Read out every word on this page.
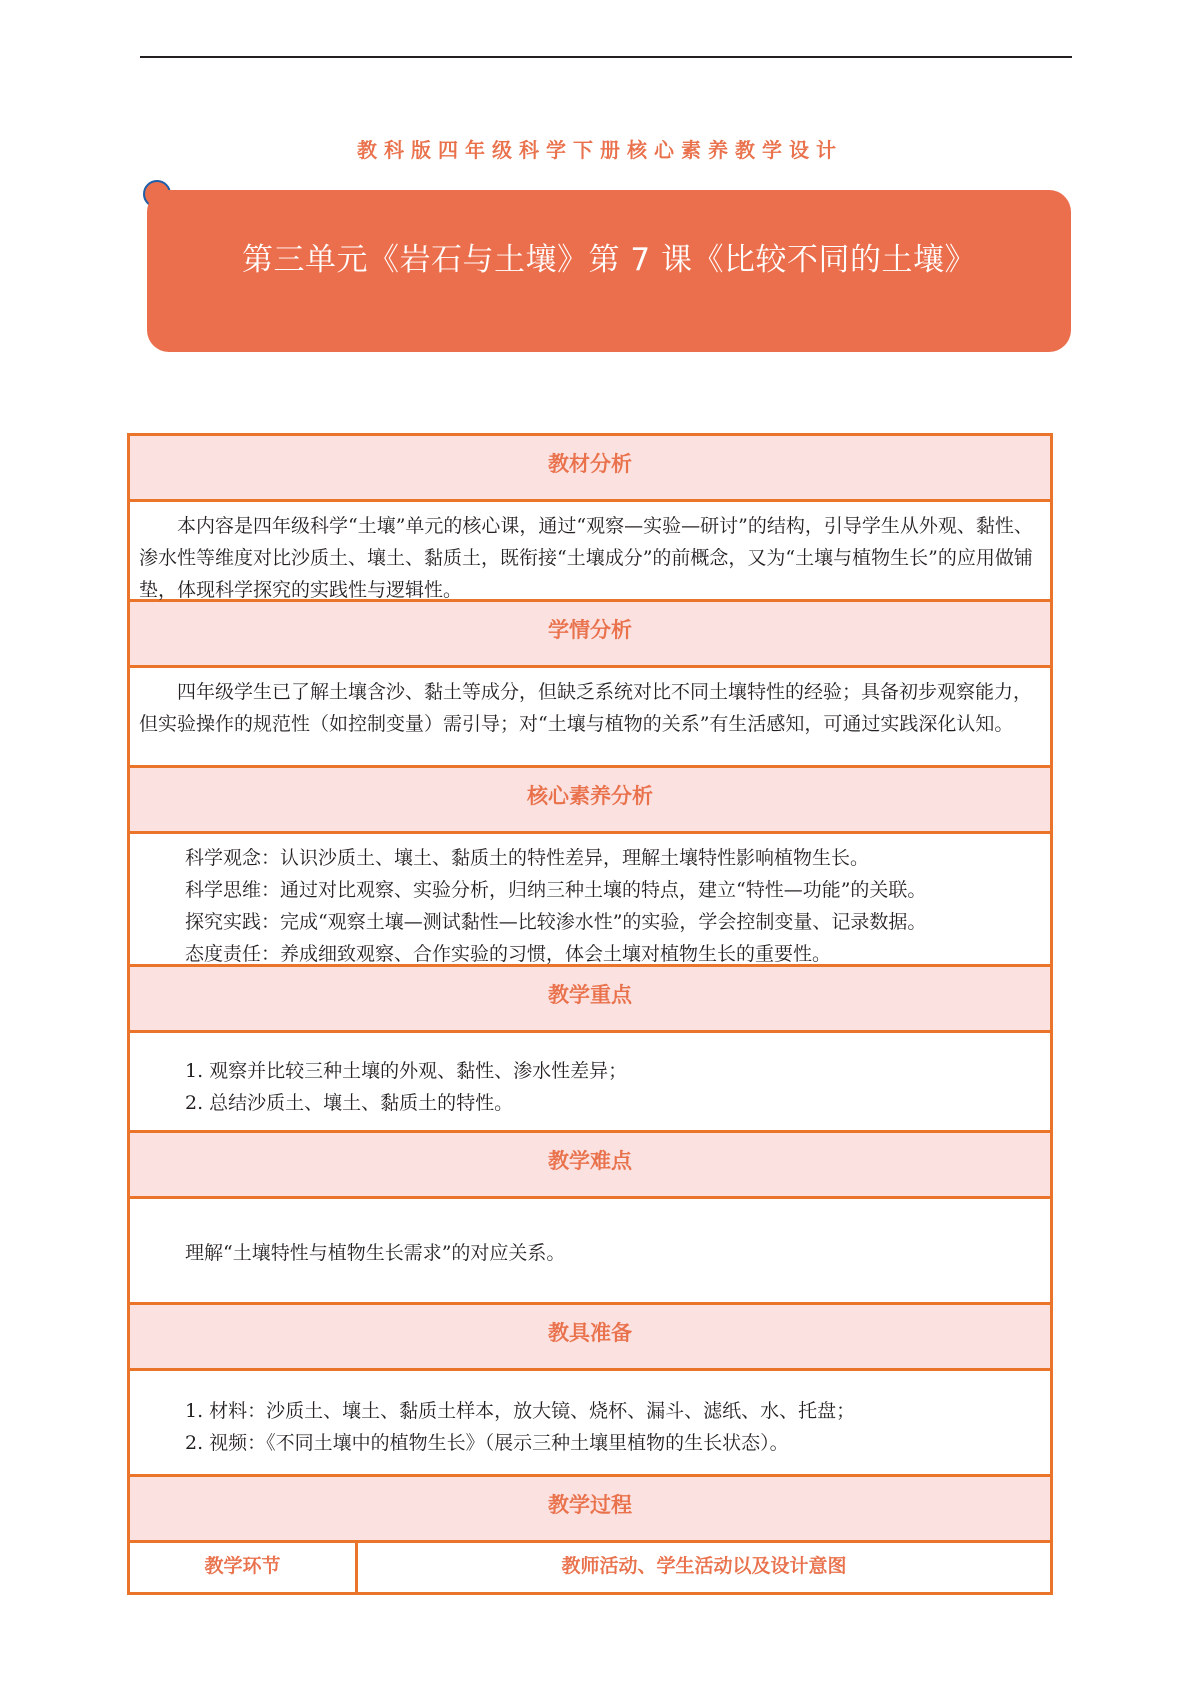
教科版四年级科学下册核心素养教学设计
第三单元《岩石与土壤》第 7 课《比较不同的土壤》
教材分析

本内容是四年级科学“土壤”单元的核心课，通过“观察—实验—研讨”的结构，引导学生从外观、黏性、渗水性等维度对比沙质土、壤土、黏质土，既衔接“土壤成分”的前概念，又为“土壤与植物生长”的应用做铺垫，体现科学探究的实践性与逻辑性。

学情分析

四年级学生已了解土壤含沙、黏土等成分，但缺乏系统对比不同土壤特性的经验；具备初步观察能力，但实验操作的规范性（如控制变量）需引导；对“土壤与植物的关系”有生活感知，可通过实践深化认知。

核心素养分析

科学观念：认识沙质土、壤土、黏质土的特性差异，理解土壤特性影响植物生长。

科学思维：通过对比观察、实验分析，归纳三种土壤的特点，建立“特性—功能”的关联。

探究实践：完成“观察土壤—测试黏性—比较渗水性”的实验，学会控制变量、记录数据。

态度责任：养成细致观察、合作实验的习惯，体会土壤对植物生长的重要性。

教学重点

1. 观察并比较三种土壤的外观、黏性、渗水性差异；

2. 总结沙质土、壤土、黏质土的特性。

教学难点

理解“土壤特性与植物生长需求”的对应关系。

教具准备

1. 材料：沙质土、壤土、黏质土样本，放大镜、烧杯、漏斗、滤纸、水、托盘；

2. 视频：《不同土壤中的植物生长》（展示三种土壤里植物的生长状态）。

教学过程
教学环节	教师活动、学生活动以及设计意图
